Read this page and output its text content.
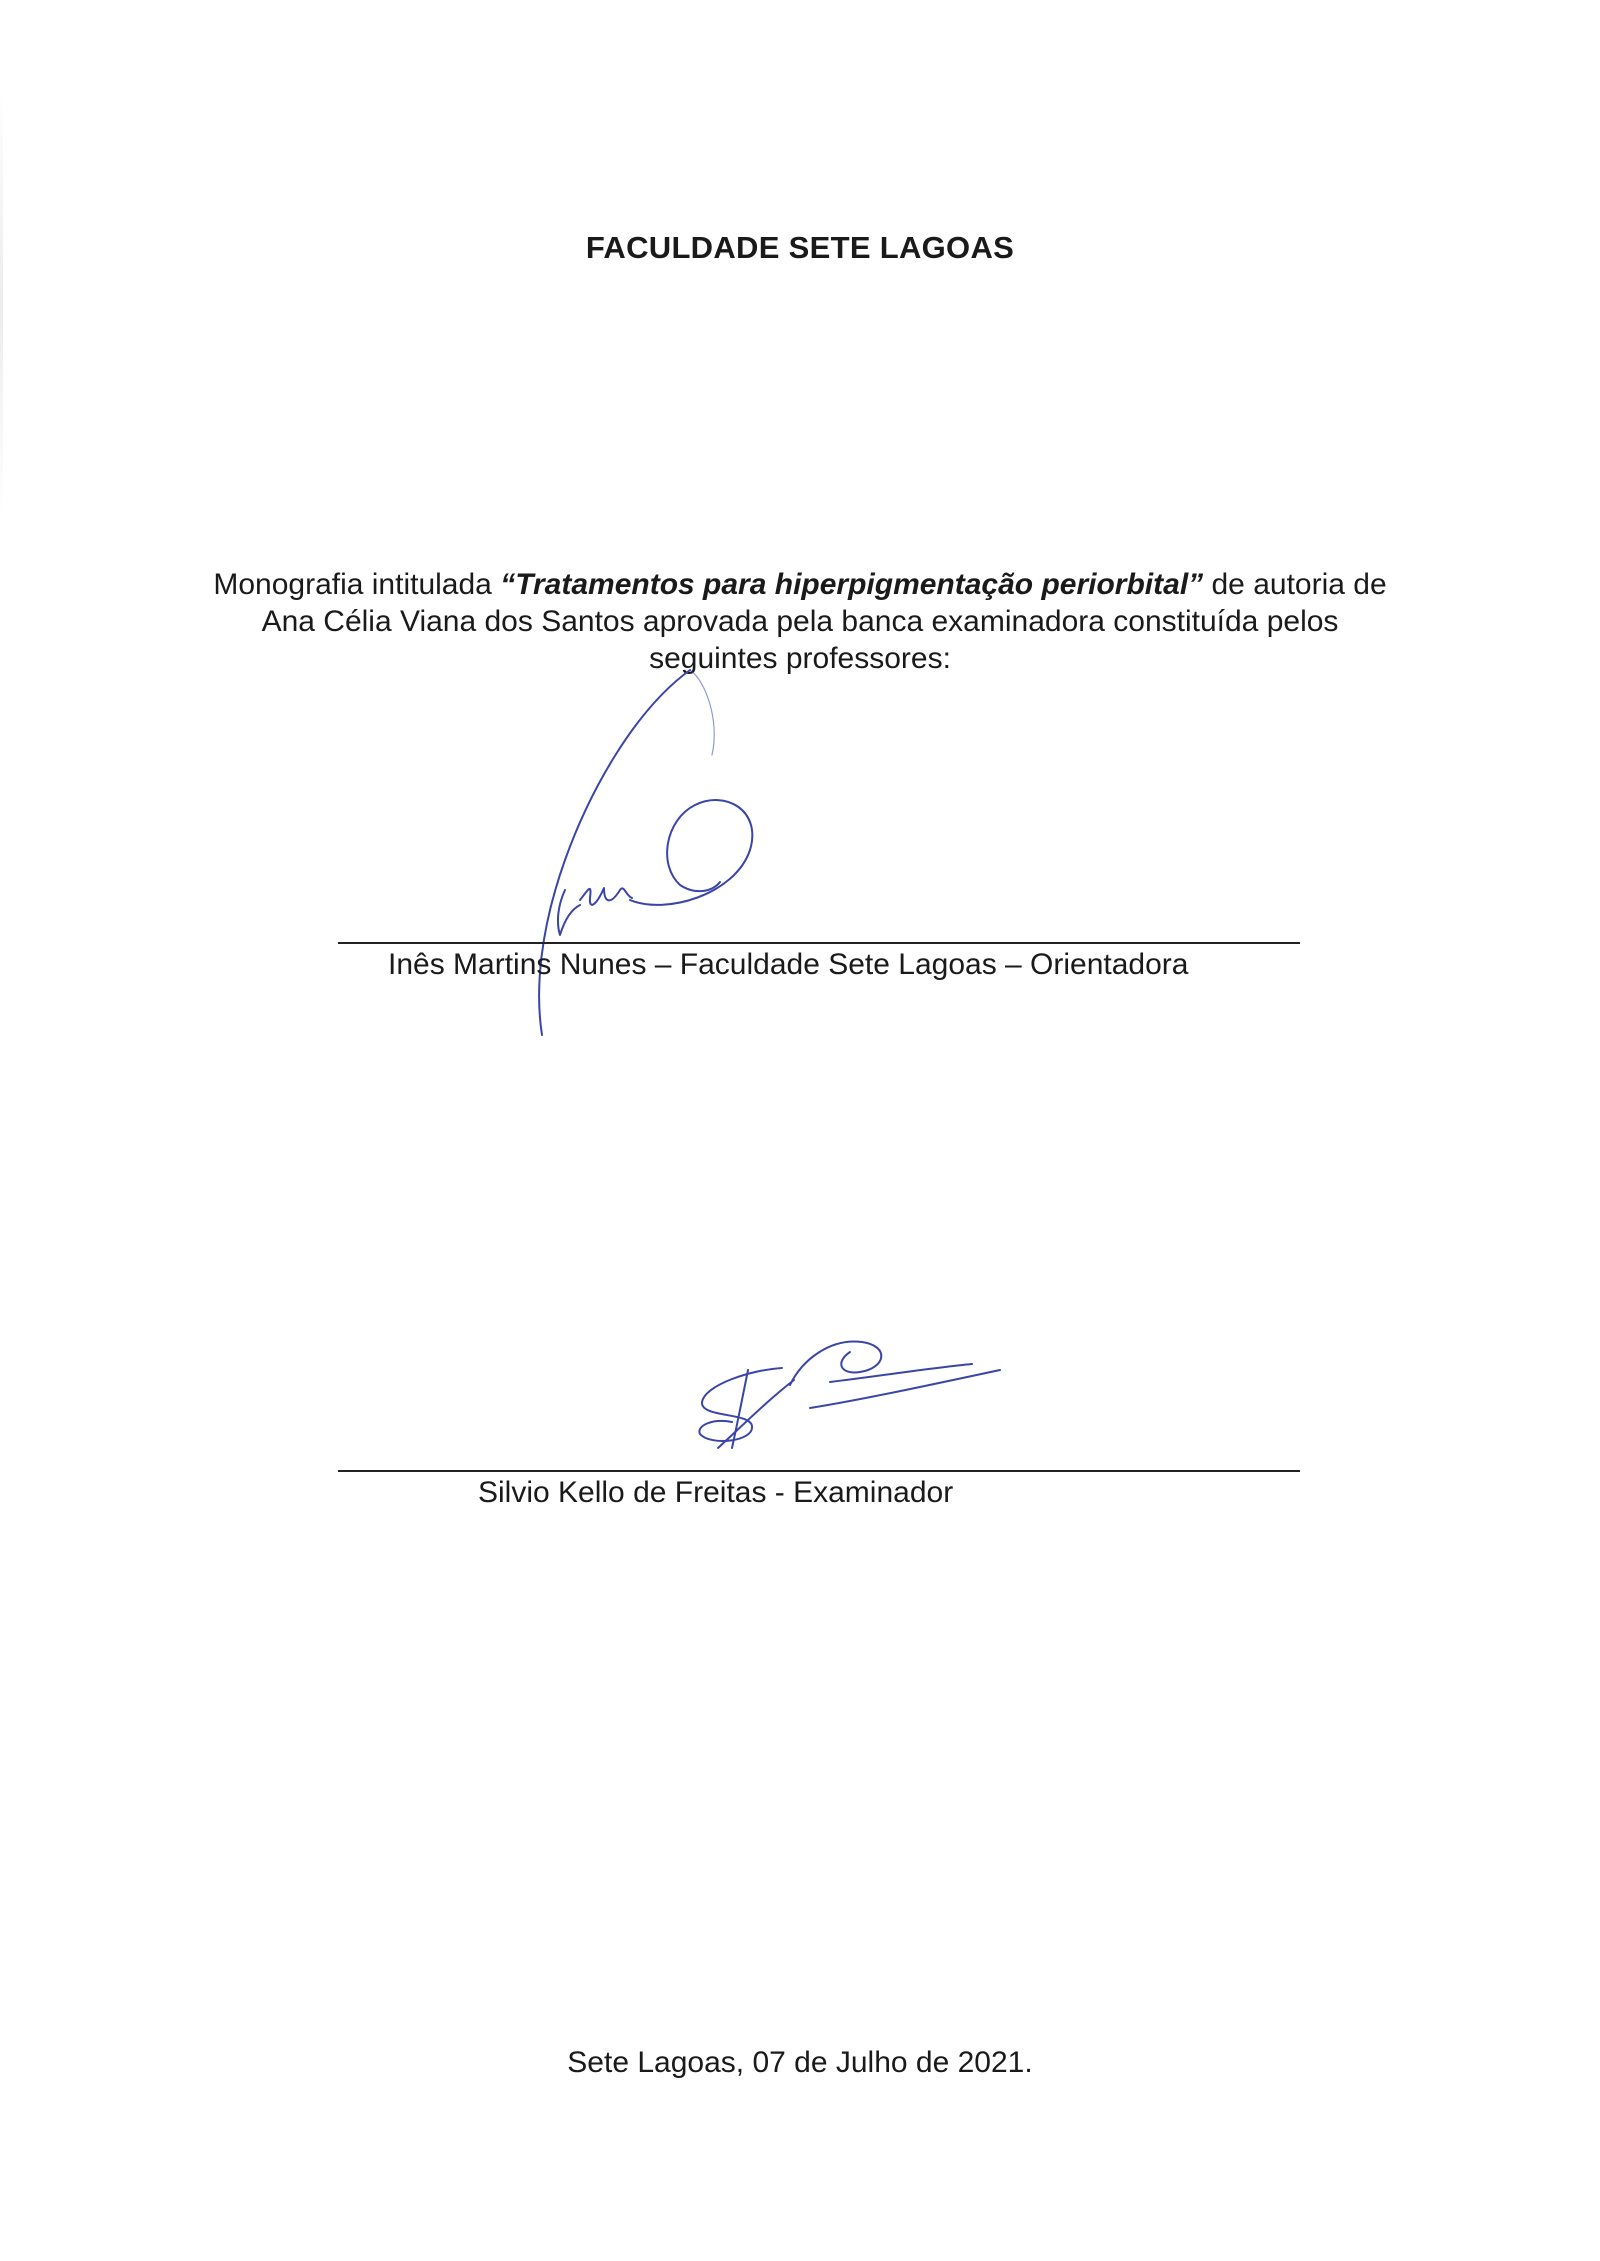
FACULDADE SETE LAGOAS
Monografia intitulada “Tratamentos para hiperpigmentação periorbital” de autoria de Ana Célia Viana dos Santos aprovada pela banca examinadora constituída pelos seguintes professores:
Inês Martins Nunes – Faculdade Sete Lagoas – Orientadora
Silvio Kello de Freitas - Examinador
Sete Lagoas, 07 de Julho de 2021.
